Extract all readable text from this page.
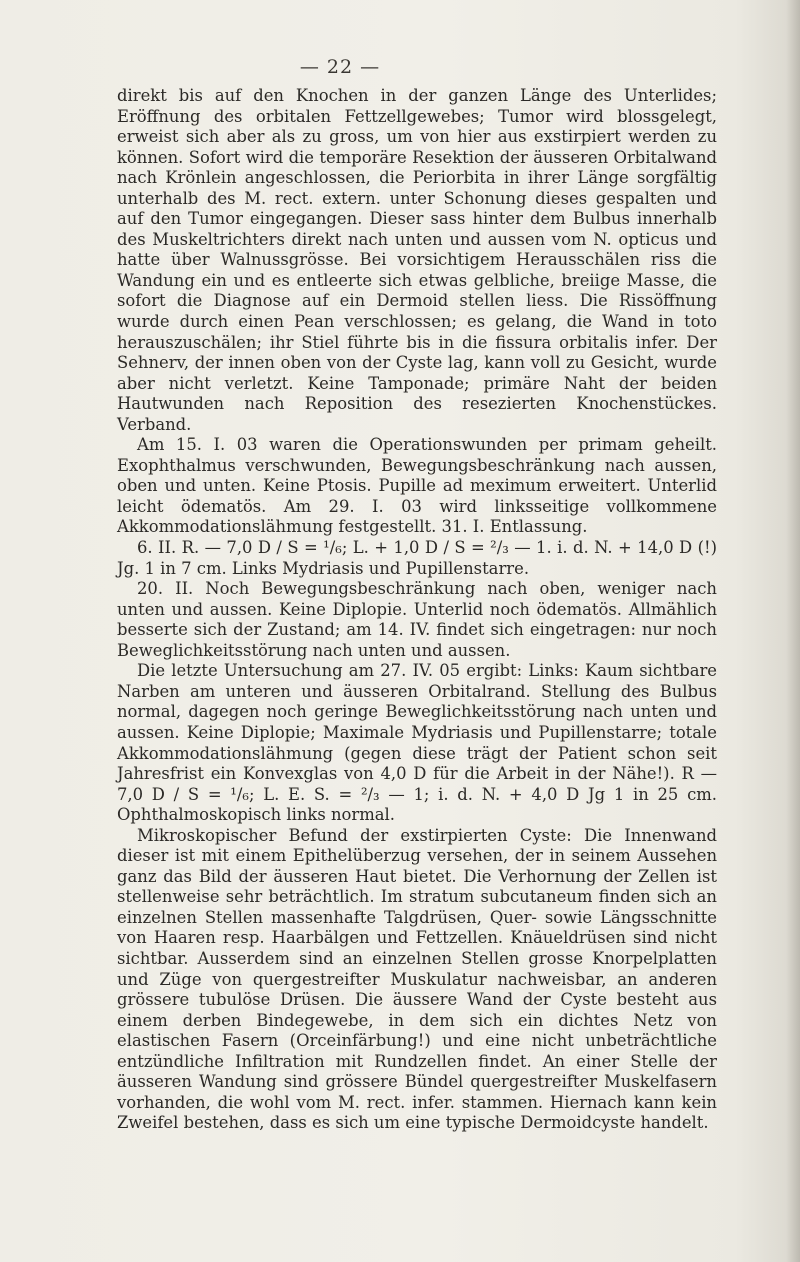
— 22 —

direkt bis auf den Knochen in der ganzen Länge des Unterlides; Eröffnung des orbitalen Fettzellgewebes; Tumor wird blossgelegt, erweist sich aber als zu gross, um von hier aus exstirpiert werden zu können. Sofort wird die temporäre Resektion der äusseren Orbitalwand nach Krönlein angeschlossen, die Periorbita in ihrer Länge sorgfältig unterhalb des M. rect. extern. unter Schonung dieses gespalten und auf den Tumor eingegangen. Dieser sass hinter dem Bulbus innerhalb des Muskeltrichters direkt nach unten und aussen vom N. opticus und hatte über Walnussgrösse. Bei vorsichtigem Herausschälen riss die Wandung ein und es entleerte sich etwas gelbliche, breiige Masse, die sofort die Diagnose auf ein Dermoid stellen liess. Die Rissöffnung wurde durch einen Pean verschlossen; es gelang, die Wand in toto herauszuschälen; ihr Stiel führte bis in die fissura orbitalis infer. Der Sehnerv, der innen oben von der Cyste lag, kann voll zu Gesicht, wurde aber nicht verletzt. Keine Tamponade; primäre Naht der beiden Hautwunden nach Reposition des resezierten Knochenstückes. Verband.

Am 15. I. 03 waren die Operationswunden per primam geheilt. Exophthalmus verschwunden, Bewegungsbeschränkung nach aussen, oben und unten. Keine Ptosis. Pupille ad meximum erweitert. Unterlid leicht ödematös. Am 29. I. 03 wird linksseitige vollkommene Akkommodationslähmung festgestellt. 31. I. Entlassung.

6. II. R. — 7,0 D / S = ¹/₆; L. + 1,0 D / S = ²/₃ — 1. i. d. N. + 14,0 D (!) Jg. 1 in 7 cm. Links Mydriasis und Pupillenstarre.

20. II. Noch Bewegungsbeschränkung nach oben, weniger nach unten und aussen. Keine Diplopie. Unterlid noch ödematös. Allmählich besserte sich der Zustand; am 14. IV. findet sich eingetragen: nur noch Beweglichkeitsstörung nach unten und aussen.

Die letzte Untersuchung am 27. IV. 05 ergibt: Links: Kaum sichtbare Narben am unteren und äusseren Orbitalrand. Stellung des Bulbus normal, dagegen noch geringe Beweglichkeitsstörung nach unten und aussen. Keine Diplopie; Maximale Mydriasis und Pupillenstarre; totale Akkommodationslähmung (gegen diese trägt der Patient schon seit Jahresfrist ein Konvexglas von 4,0 D für die Arbeit in der Nähe!). R — 7,0 D / S = ¹/₆; L. E. S. = ²/₃ — 1; i. d. N. + 4,0 D Jg 1 in 25 cm. Ophthalmoskopisch links normal.

Mikroskopischer Befund der exstirpierten Cyste: Die Innenwand dieser ist mit einem Epithelüberzug versehen, der in seinem Aussehen ganz das Bild der äusseren Haut bietet. Die Verhornung der Zellen ist stellenweise sehr beträchtlich. Im stratum subcutaneum finden sich an einzelnen Stellen massenhafte Talgdrüsen, Quer- sowie Längsschnitte von Haaren resp. Haarbälgen und Fettzellen. Knäueldrüsen sind nicht sichtbar. Ausserdem sind an einzelnen Stellen grosse Knorpelplatten und Züge von quergestreifter Muskulatur nachweisbar, an anderen grössere tubulöse Drüsen. Die äussere Wand der Cyste besteht aus einem derben Bindegewebe, in dem sich ein dichtes Netz von elastischen Fasern (Orceinfärbung!) und eine nicht unbeträchtliche entzündliche Infiltration mit Rundzellen findet. An einer Stelle der äusseren Wandung sind grössere Bündel quergestreifter Muskelfasern vorhanden, die wohl vom M. rect. infer. stammen. Hiernach kann kein Zweifel bestehen, dass es sich um eine typische Dermoidcyste handelt.
